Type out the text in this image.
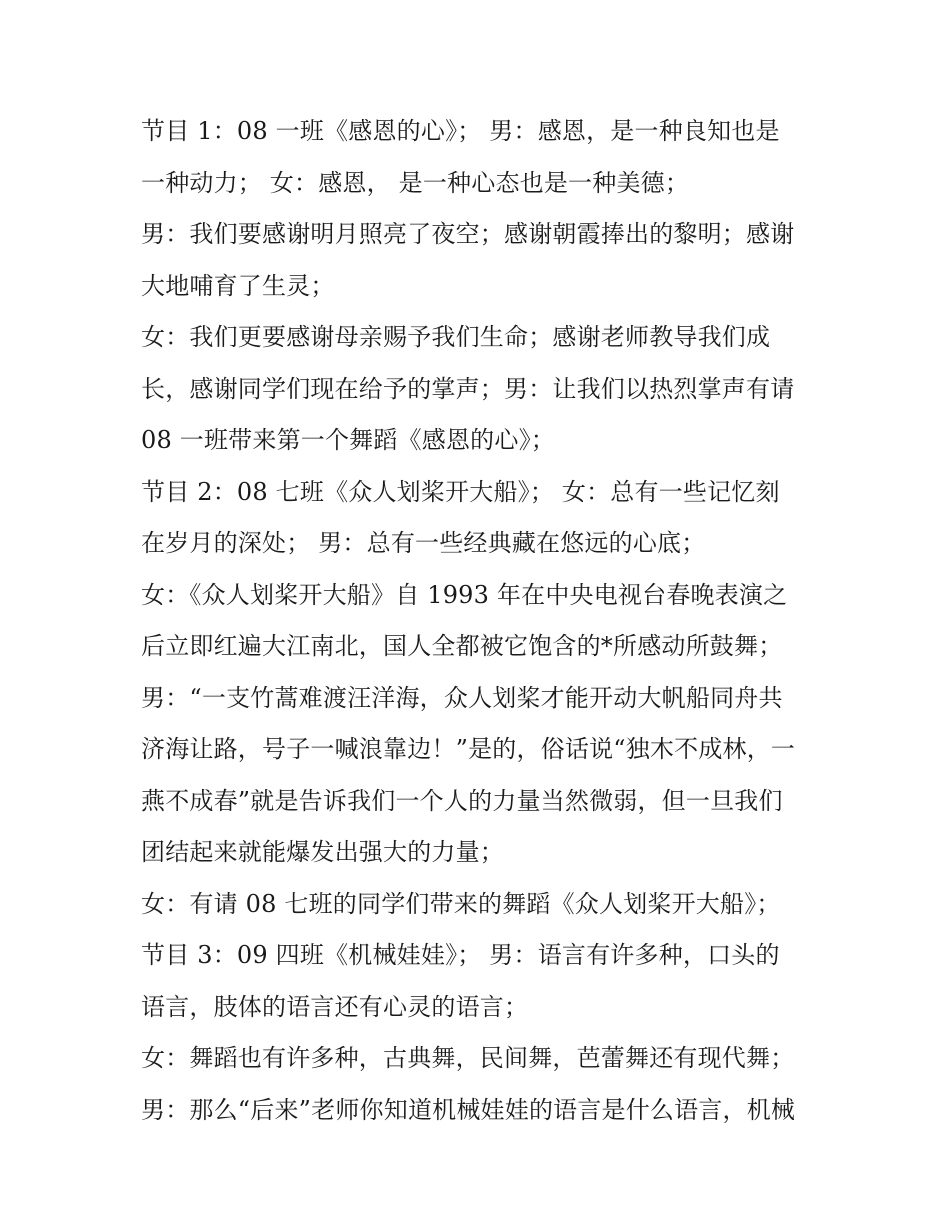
节目 1：08 一班《感恩的心》； 男：感恩，是一种良知也是
一种动力； 女：感恩， 是一种心态也是一种美德；
男：我们要感谢明月照亮了夜空；感谢朝霞捧出的黎明；感谢
大地哺育了生灵；
女：我们更要感谢母亲赐予我们生命；感谢老师教导我们成
长，感谢同学们现在给予的掌声；男：让我们以热烈掌声有请
08 一班带来第一个舞蹈《感恩的心》；
节目 2：08 七班《众人划桨开大船》； 女：总有一些记忆刻
在岁月的深处； 男：总有一些经典藏在悠远的心底；
女：《众人划桨开大船》自 1993 年在中央电视台春晚表演之
后立即红遍大江南北，国人全都被它饱含的*所感动所鼓舞；
男：“一支竹蒿难渡汪洋海，众人划桨才能开动大帆船同舟共
济海让路，号子一喊浪靠边！”是的，俗话说“独木不成林，一
燕不成春”就是告诉我们一个人的力量当然微弱，但一旦我们
团结起来就能爆发出强大的力量；
女：有请 08 七班的同学们带来的舞蹈《众人划桨开大船》；
节目 3：09 四班《机械娃娃》； 男：语言有许多种，口头的
语言，肢体的语言还有心灵的语言；
女：舞蹈也有许多种，古典舞，民间舞，芭蕾舞还有现代舞；
男：那么“后来”老师你知道机械娃娃的语言是什么语言，机械
